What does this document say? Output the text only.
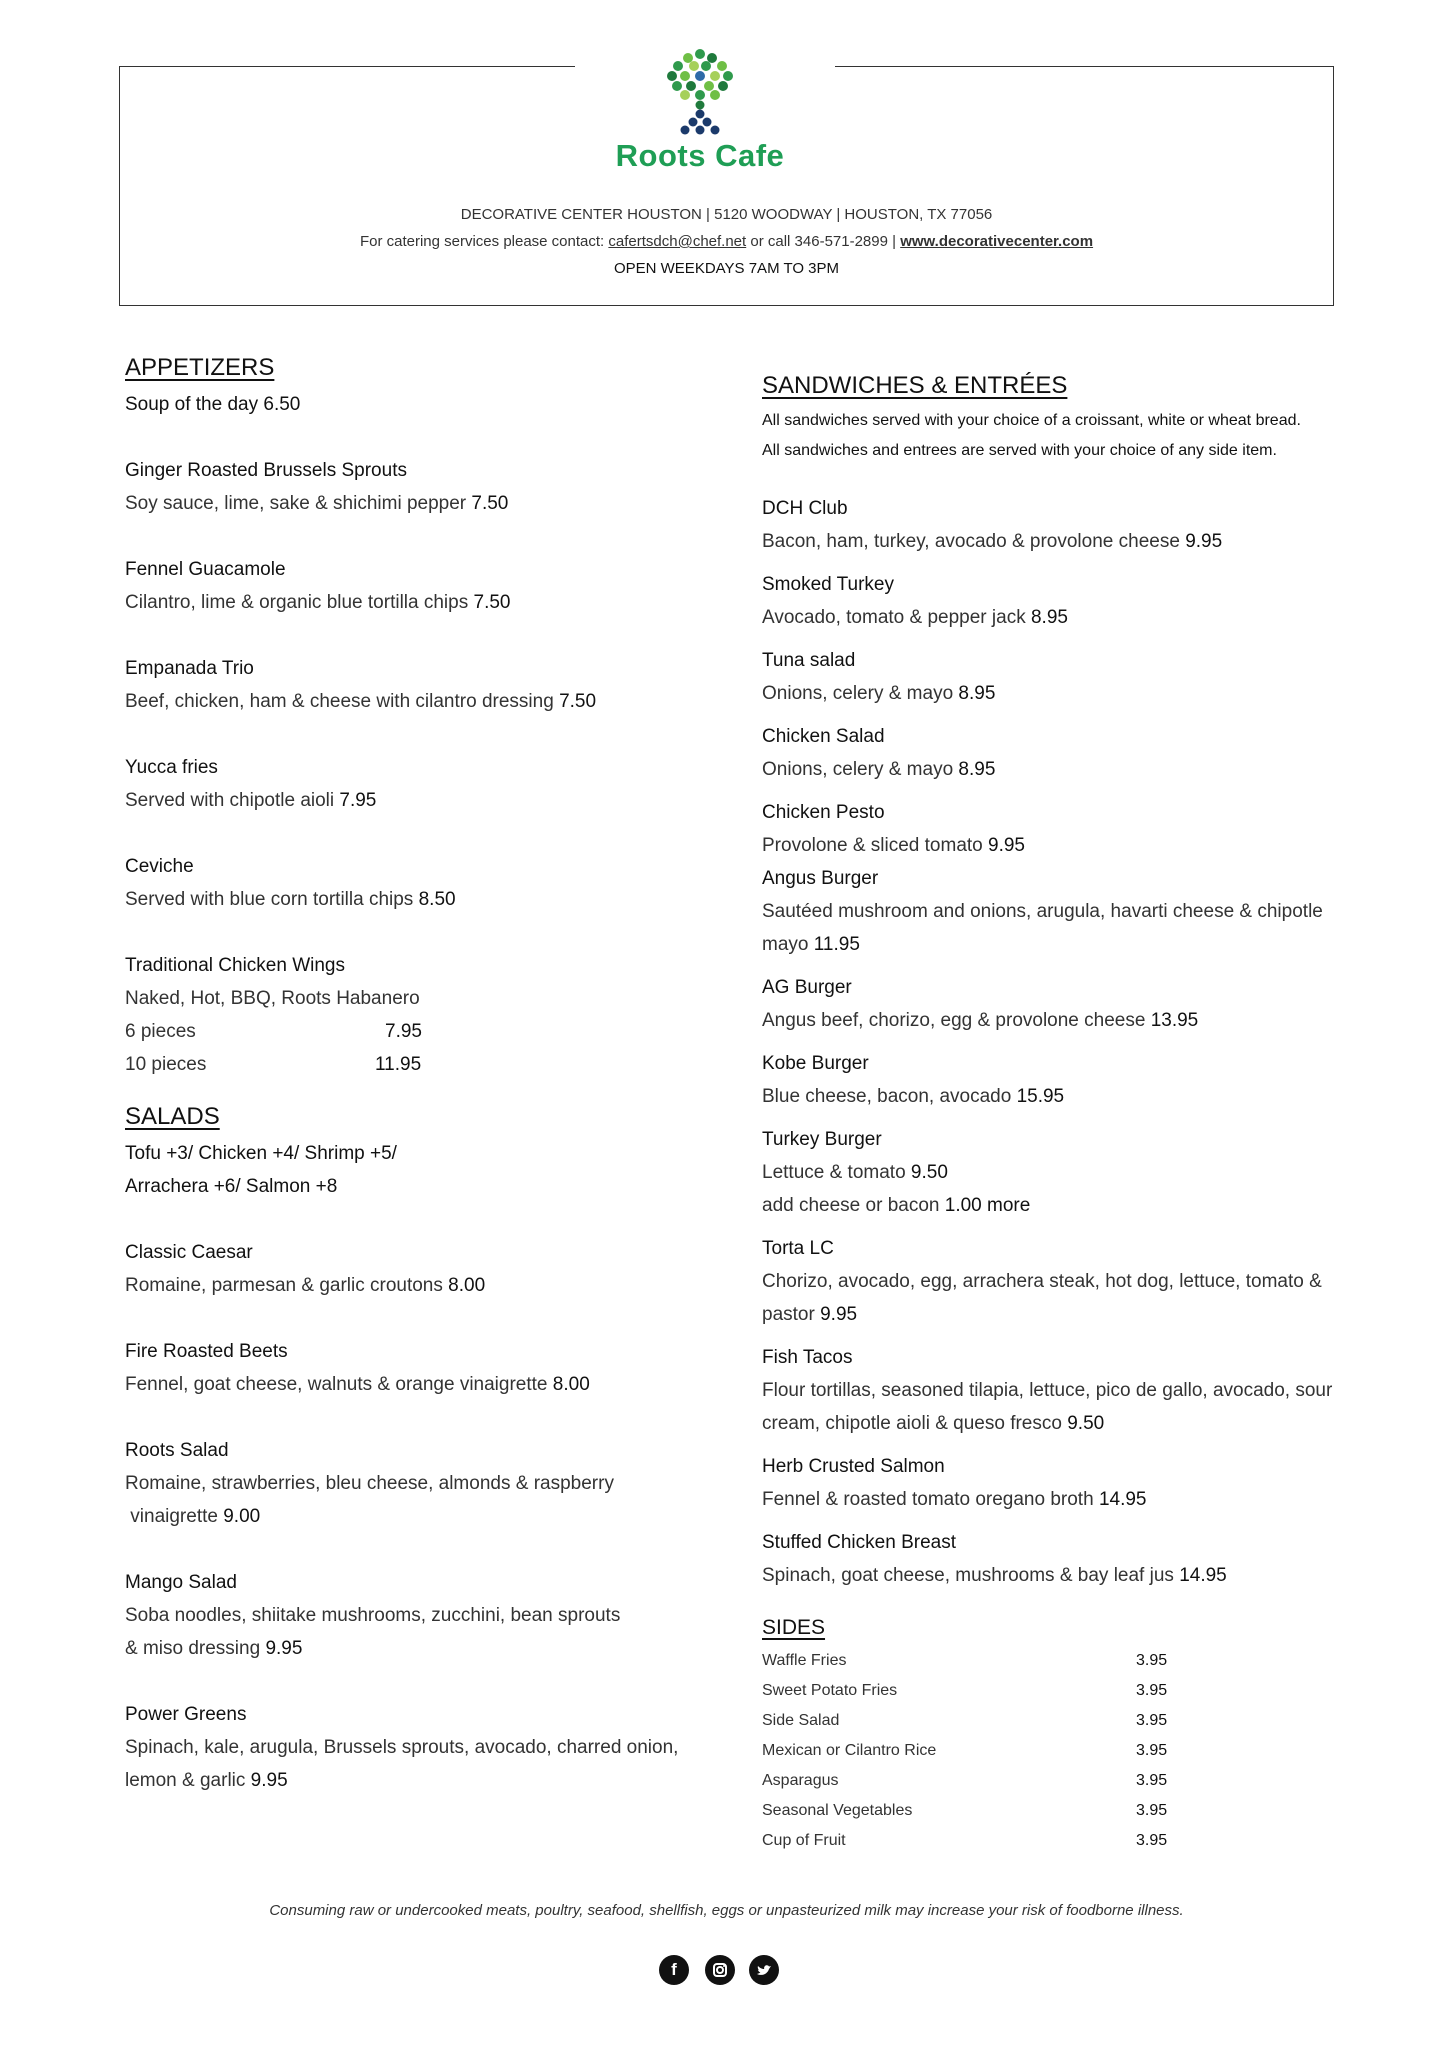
Roots Cafe
DECORATIVE CENTER HOUSTON | 5120 WOODWAY | HOUSTON, TX 77056
For catering services please contact: cafertsdch@chef.net or call 346-571-2899 | www.decorativecenter.com
OPEN WEEKDAYS 7AM TO 3PM
APPETIZERS
Soup of the day 6.50
Ginger Roasted Brussels Sprouts
Soy sauce, lime, sake & shichimi pepper 7.50
Fennel Guacamole
Cilantro, lime & organic blue tortilla chips 7.50
Empanada Trio
Beef, chicken, ham & cheese with cilantro dressing 7.50
Yucca fries
Served with chipotle aioli 7.95
Ceviche
Served with blue corn tortilla chips 8.50
Traditional Chicken Wings
Naked, Hot, BBQ, Roots Habanero
6 pieces	7.95
10 pieces	11.95
SALADS
Tofu +3/ Chicken +4/ Shrimp +5/
Arrachera +6/ Salmon +8
Classic Caesar
Romaine, parmesan & garlic croutons 8.00
Fire Roasted Beets
Fennel, goat cheese, walnuts & orange vinaigrette 8.00
Roots Salad
Romaine, strawberries, bleu cheese, almonds & raspberry
vinaigrette 9.00
Mango Salad
Soba noodles, shiitake mushrooms, zucchini, bean sprouts
& miso dressing 9.95
Power Greens
Spinach, kale, arugula, Brussels sprouts, avocado, charred onion,
lemon & garlic 9.95
SANDWICHES & ENTRÉES
All sandwiches served with your choice of a croissant, white or wheat bread.
All sandwiches and entrees are served with your choice of any side item.
DCH Club
Bacon, ham, turkey, avocado & provolone cheese 9.95
Smoked Turkey
Avocado, tomato & pepper jack 8.95
Tuna salad
Onions, celery & mayo 8.95
Chicken Salad
Onions, celery & mayo 8.95
Chicken Pesto
Provolone & sliced tomato 9.95
Angus Burger
Sautéed mushroom and onions, arugula, havarti cheese & chipotle
mayo 11.95
AG Burger
Angus beef, chorizo, egg & provolone cheese 13.95
Kobe Burger
Blue cheese, bacon, avocado 15.95
Turkey Burger
Lettuce & tomato 9.50
add cheese or bacon 1.00 more
Torta LC
Chorizo, avocado, egg, arrachera steak, hot dog, lettuce, tomato &
pastor 9.95
Fish Tacos
Flour tortillas, seasoned tilapia, lettuce, pico de gallo, avocado, sour
cream, chipotle aioli & queso fresco 9.50
Herb Crusted Salmon
Fennel & roasted tomato oregano broth 14.95
Stuffed Chicken Breast
Spinach, goat cheese, mushrooms & bay leaf jus 14.95
SIDES
Waffle Fries	3.95
Sweet Potato Fries	3.95
Side Salad	3.95
Mexican or Cilantro Rice	3.95
Asparagus	3.95
Seasonal Vegetables	3.95
Cup of Fruit	3.95
Consuming raw or undercooked meats, poultry, seafood, shellfish, eggs or unpasteurized milk may increase your risk of foodborne illness.
f
